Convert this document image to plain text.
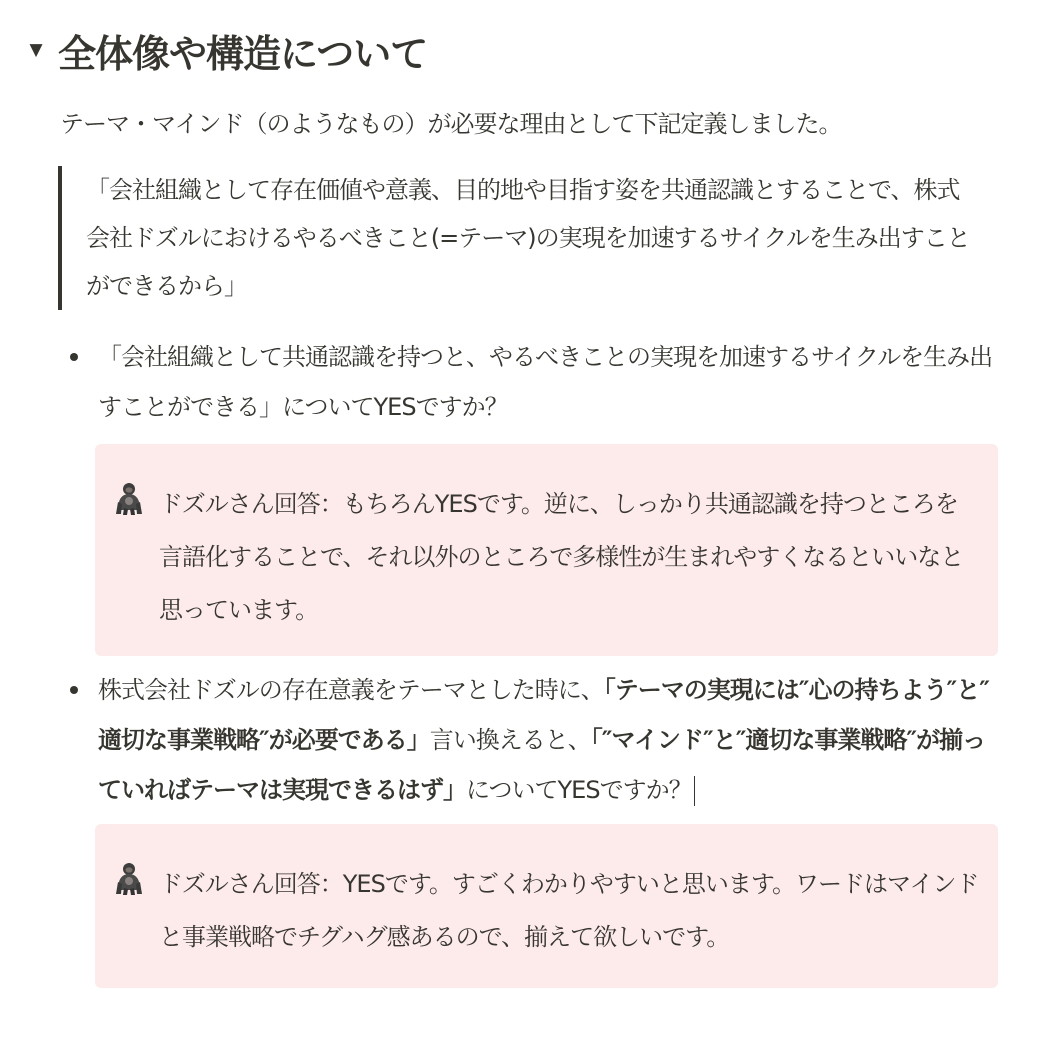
▼ 全体像や構造について
テーマ・マインド（のようなもの）が必要な理由として下記定義しました。

「会社組織として存在価値や意義、目的地や目指す姿を共通認識とすることで、株式会社ドズルにおけるやるべきこと(=テーマ)の実現を加速するサイクルを生み出すことができるから」

「会社組織として共通認識を持つと、やるべきことの実現を加速するサイクルを生み出すことができる」についてYESですか？
ドズルさん回答：もちろんYESです。逆に、しっかり共通認識を持つところを言語化することで、それ以外のところで多様性が生まれやすくなるといいなと思っています。
株式会社ドズルの存在意義をテーマとした時に、「テーマの実現には″心の持ちよう″と″適切な事業戦略″が必要である」言い換えると、「″マインド″と″適切な事業戦略″が揃っていればテーマは実現できるはず」についてYESですか？
ドズルさん回答：YESです。すごくわかりやすいと思います。ワードはマインドと事業戦略でチグハグ感あるので、揃えて欲しいです。
